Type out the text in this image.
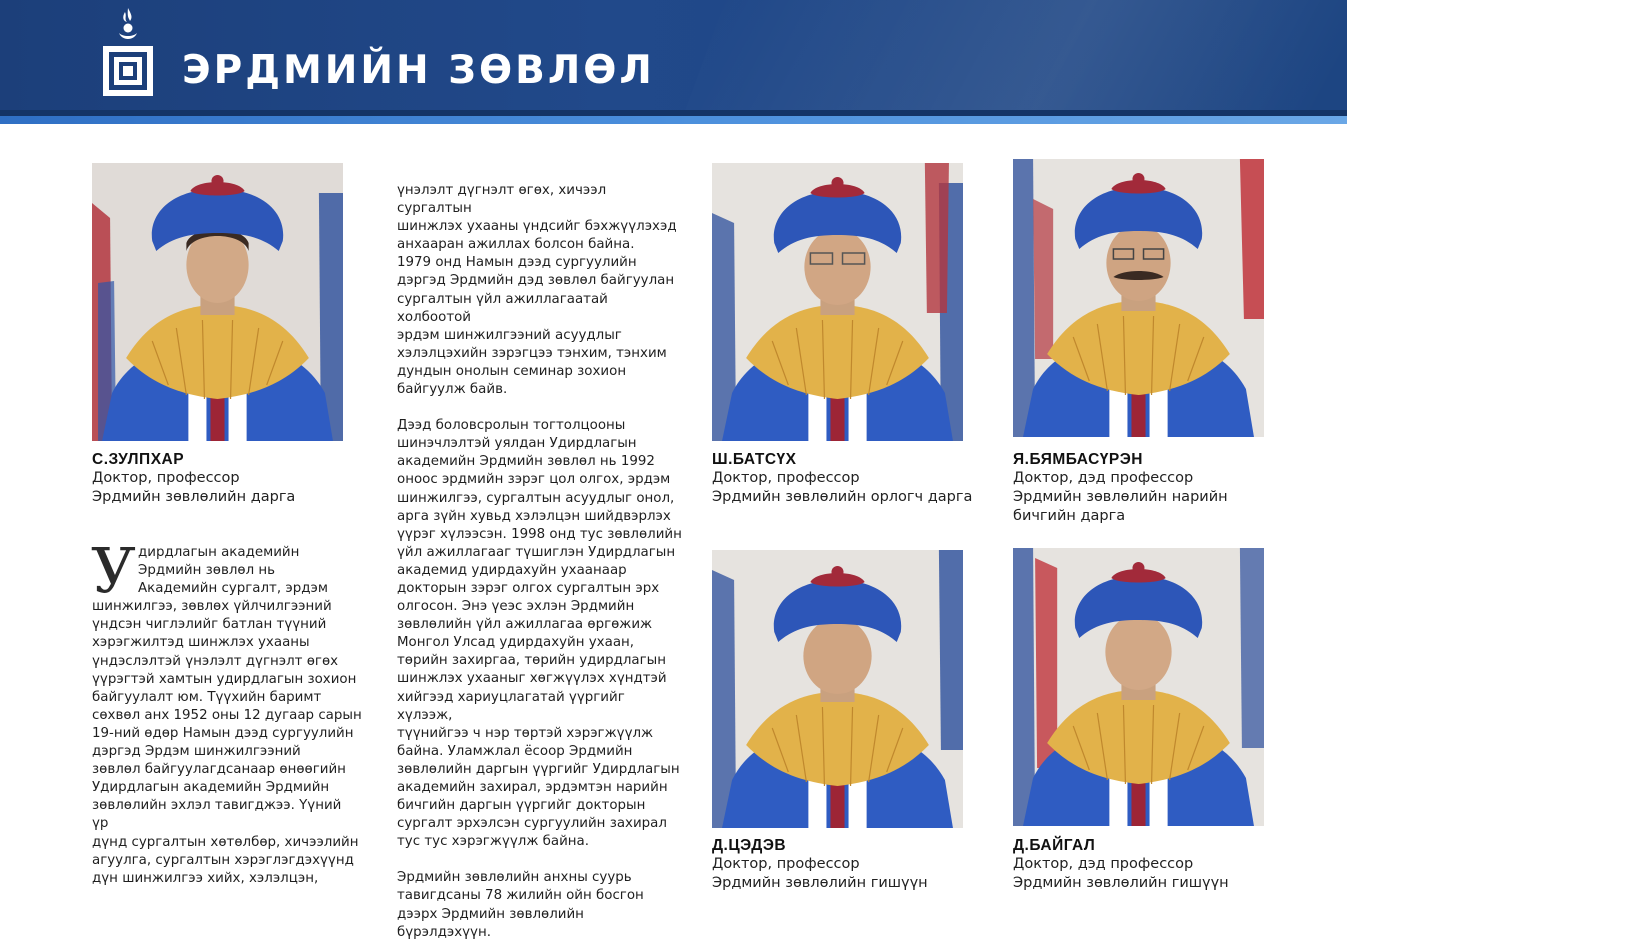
ЭРДМИЙН ЗӨВЛӨЛ
С.ЗУЛПХАР
Доктор, профессор
Эрдмийн зөвлөлийн дарга
Ш.БАТСҮХ
Доктор, профессор
Эрдмийн зөвлөлийн орлогч дарга
Я.БЯМБАСҮРЭН
Доктор, дэд профессор
Эрдмийн зөвлөлийн нарийн
бичгийн дарга
Д.ЦЭДЭВ
Доктор, профессор
Эрдмийн зөвлөлийн гишүүн
Д.БАЙГАЛ
Доктор, дэд профессор
Эрдмийн зөвлөлийн гишүүн
У дирдлагын академийн
Эрдмийн зөвлөл нь
Академийн сургалт, эрдэм
шинжилгээ, зөвлөх үйлчилгээний
үндсэн чиглэлийг батлан түүний
хэрэгжилтэд шинжлэх ухааны
үндэслэлтэй үнэлэлт дүгнэлт өгөх
үүрэгтэй хамтын удирдлагын зохион
байгуулалт юм. Түүхийн баримт
сөхвөл анх 1952 оны 12 дугаар сарын
19-ний өдөр Намын дээд сургуулийн
дэргэд Эрдэм шинжилгээний
зөвлөл байгуулагдсанаар өнөөгийн
Удирдлагын академийн Эрдмийн
зөвлөлийн эхлэл тавигджээ. Үүний үр
дүнд сургалтын хөтөлбөр, хичээлийн
агуулга, сургалтын хэрэглэгдэхүүнд
дүн шинжилгээ хийх, хэлэлцэн,

үнэлэлт дүгнэлт өгөх, хичээл сургалтын
шинжлэх ухааны үндсийг бэхжүүлэхэд
анхааран ажиллах болсон байна.
1979 онд Намын дээд сургуулийн
дэргэд Эрдмийн дэд зөвлөл байгуулан
сургалтын үйл ажиллагаатай холбоотой
эрдэм шинжилгээний асуудлыг
хэлэлцэхийн зэрэгцээ тэнхим, тэнхим
дундын онолын семинар зохион
байгуулж байв.

Дээд боловсролын тогтолцооны
шинэчлэлтэй уялдан Удирдлагын
академийн Эрдмийн зөвлөл нь 1992
оноос эрдмийн зэрэг цол олгох, эрдэм
шинжилгээ, сургалтын асуудлыг онол,
арга зүйн хувьд хэлэлцэн шийдвэрлэх
үүрэг хүлээсэн. 1998 онд тус зөвлөлийн
үйл ажиллагааг түшиглэн Удирдлагын
академид удирдахуйн ухаанаар
докторын зэрэг олгох сургалтын эрх
олгосон. Энэ үеэс эхлэн Эрдмийн
зөвлөлийн үйл ажиллагаа өргөжиж
Монгол Улсад удирдахуйн ухаан,
төрийн захиргаа, төрийн удирдлагын
шинжлэх ухааныг хөгжүүлэх хүндтэй
хийгээд хариуцлагатай үүргийг хүлээж,
түүнийгээ ч нэр төртэй хэрэгжүүлж
байна. Уламжлал ёсоор Эрдмийн
зөвлөлийн даргын үүргийг Удирдлагын
академийн захирал, эрдэмтэн нарийн
бичгийн даргын үүргийг докторын
сургалт эрхэлсэн сургуулийн захирал
тус тус хэрэгжүүлж байна.

Эрдмийн зөвлөлийн анхны суурь
тавигдсаны 78 жилийн ойн босгон
дээрх Эрдмийн зөвлөлийн бүрэлдэхүүн.
